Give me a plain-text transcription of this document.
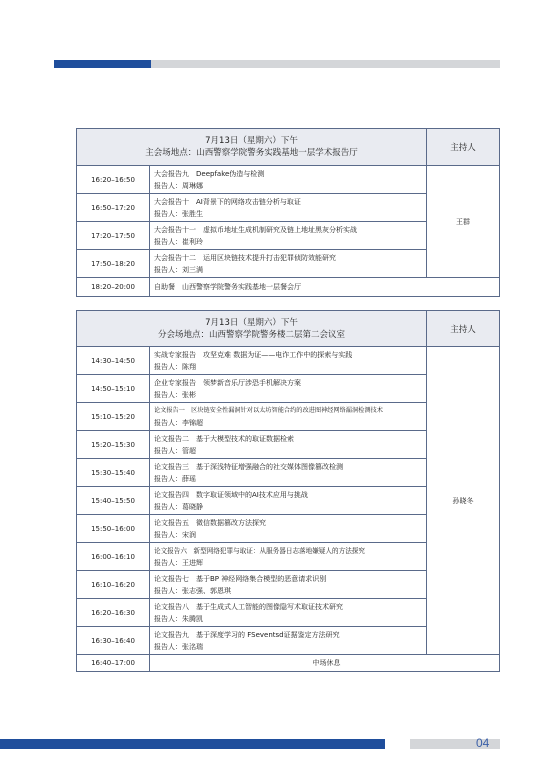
7月13日（星期六）下午
主会场地点：山西警察学院警务实践基地一层学术报告厅		主持人
16:20–16:50	大会报告九　Deepfake伪造与检测
报告人：周琳娜	王群
16:50–17:20	大会报告十　AI背景下的网络攻击链分析与取证
报告人：张胜生	

17:20–17:50	大会报告十一　虚拟币地址生成机制研究及链上地址黑灰分析实战
报告人：崔利玲	

17:50–18:20	大会报告十二　运用区块链技术提升打击犯罪侦防效能研究
报告人：刘三满	

18:20–20:00	自助餐　山西警察学院警务实践基地一层餐会厅	
7月13日（星期六）下午
分会场地点：山西警察学院警务楼二层第二会议室		主持人
14:30–14:50	实战专家报告　攻坚克难 数据为证——电诈工作中的探索与实践
报告人：陈翔	孙晓冬
14:50–15:10	企业专家报告　领梦新音乐厅涉恐手机解决方案
报告人：张彬	

15:10–15:20	论文报告一　区块链安全性漏洞针对以太坊智能合约的改进图神经网络漏洞检测技术
报告人：李锦超	

15:20–15:30	论文报告二　基于大模型技术的取证数据检索
报告人：管超	

15:30–15:40	论文报告三　基于深浅特征增强融合的社交媒体图像篡改检测
报告人：薛瑶	

15:40–15:50	论文报告四　数字取证领域中的AI技术应用与挑战
报告人：葛晓静	

15:50–16:00	论文报告五　微信数据篡改方法探究
报告人：宋润	

16:00–16:10	论文报告六　新型网络犯罪与取证：从服务器日志落地嫌疑人的方法探究
报告人：王进辉	

16:10–16:20	论文报告七　基于BP 神经网络集合模型的恶意请求识别
报告人：张志强、郭恩琪	

16:20–16:30	论文报告八　基于生成式人工智能的图像隐写术取证技术研究
报告人：朱腾凯	

16:30–16:40	论文报告九　基于深度学习的 FSeventsd证据鉴定方法研究
报告人：张洺瑞	

16:40–17:00	中场休息	
04
